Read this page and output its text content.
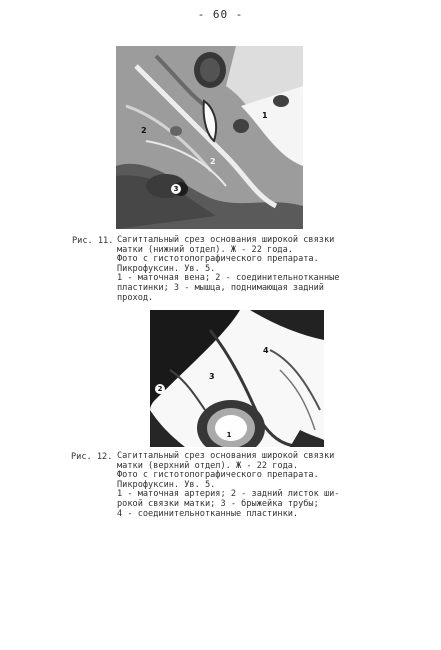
- 60 -
1
2
2
3
Рис. 11. Сагиттальный срез основания широкой связки
матки (нижний отдел). Ж - 22 года.
Фото с гистотопографического препарата.
Пикрофуксин. Ув. 5.
1 - маточная вена; 2 - соединительнотканные
пластинки; 3 - мышца, поднимающая задний
проход.
4
3
2
1
Рис. 12. Сагиттальный срез основания широкой связки
матки (верхний отдел). Ж - 22 года.
Фото с гистотопографического препарата.
Пикрофуксин. Ув. 5.
1 - маточная артерия; 2 - задний листок ши-
рокой связки матки; 3 - брыжейка трубы;
4 - соединительнотканные пластинки.
